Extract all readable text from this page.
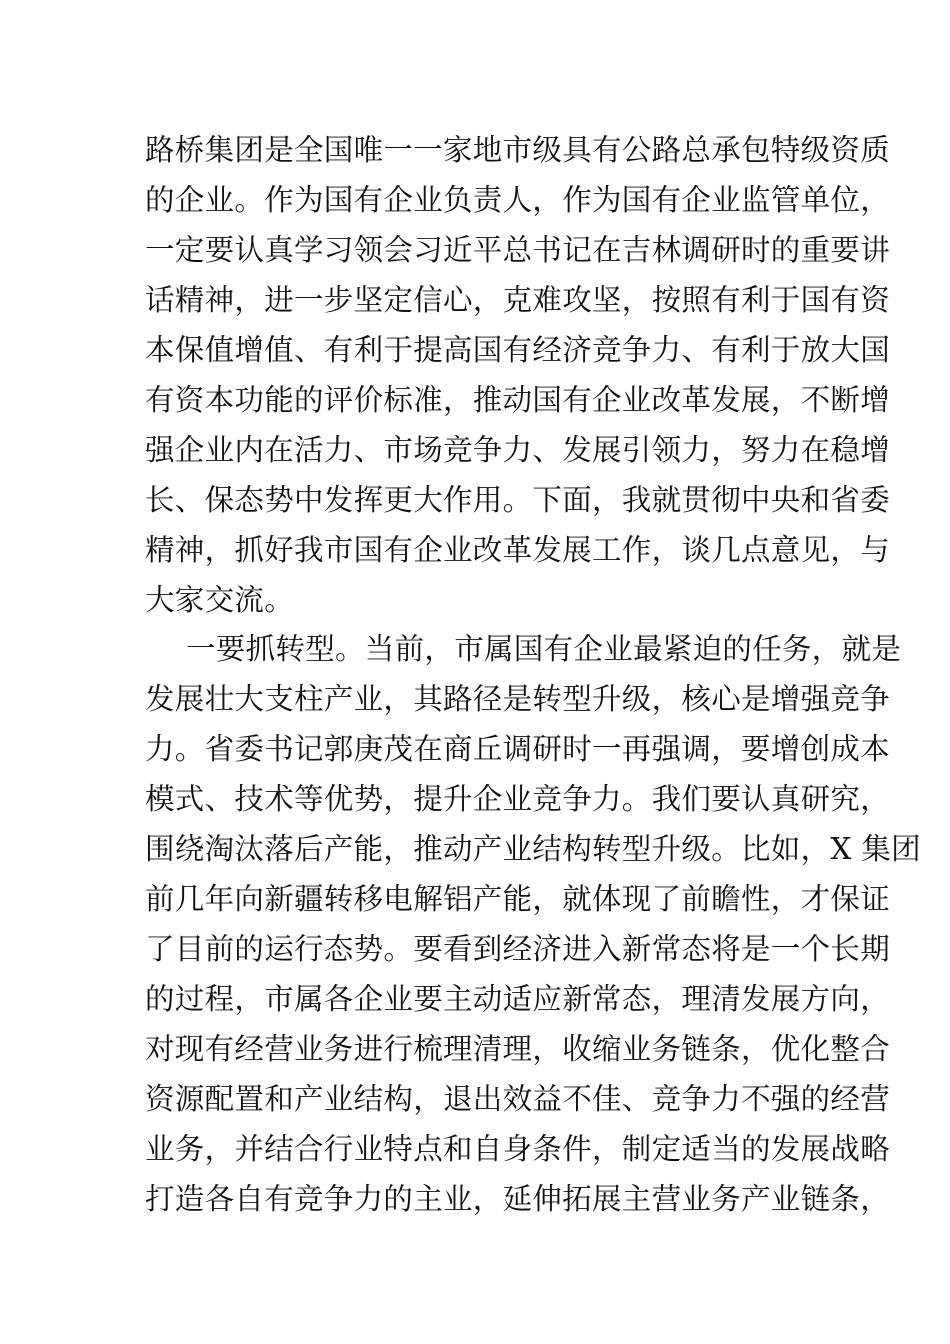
路桥集团是全国唯一一家地市级具有公路总承包特级资质
的企业。作为国有企业负责人，作为国有企业监管单位，
一定要认真学习领会习近平总书记在吉林调研时的重要讲
话精神，进一步坚定信心，克难攻坚，按照有利于国有资
本保值增值、有利于提高国有经济竞争力、有利于放大国
有资本功能的评价标准，推动国有企业改革发展，不断增
强企业内在活力、市场竞争力、发展引领力，努力在稳增
长、保态势中发挥更大作用。下面，我就贯彻中央和省委
精神，抓好我市国有企业改革发展工作，谈几点意见，与
大家交流。
一要抓转型。当前，市属国有企业最紧迫的任务，就是
发展壮大支柱产业，其路径是转型升级，核心是增强竞争
力。省委书记郭庚茂在商丘调研时一再强调，要增创成本
模式、技术等优势，提升企业竞争力。我们要认真研究，
围绕淘汰落后产能，推动产业结构转型升级。比如，X 集团
前几年向新疆转移电解铝产能，就体现了前瞻性，才保证
了目前的运行态势。要看到经济进入新常态将是一个长期
的过程，市属各企业要主动适应新常态，理清发展方向，
对现有经营业务进行梳理清理，收缩业务链条，优化整合
资源配置和产业结构，退出效益不佳、竞争力不强的经营
业务，并结合行业特点和自身条件，制定适当的发展战略
打造各自有竞争力的主业，延伸拓展主营业务产业链条，
